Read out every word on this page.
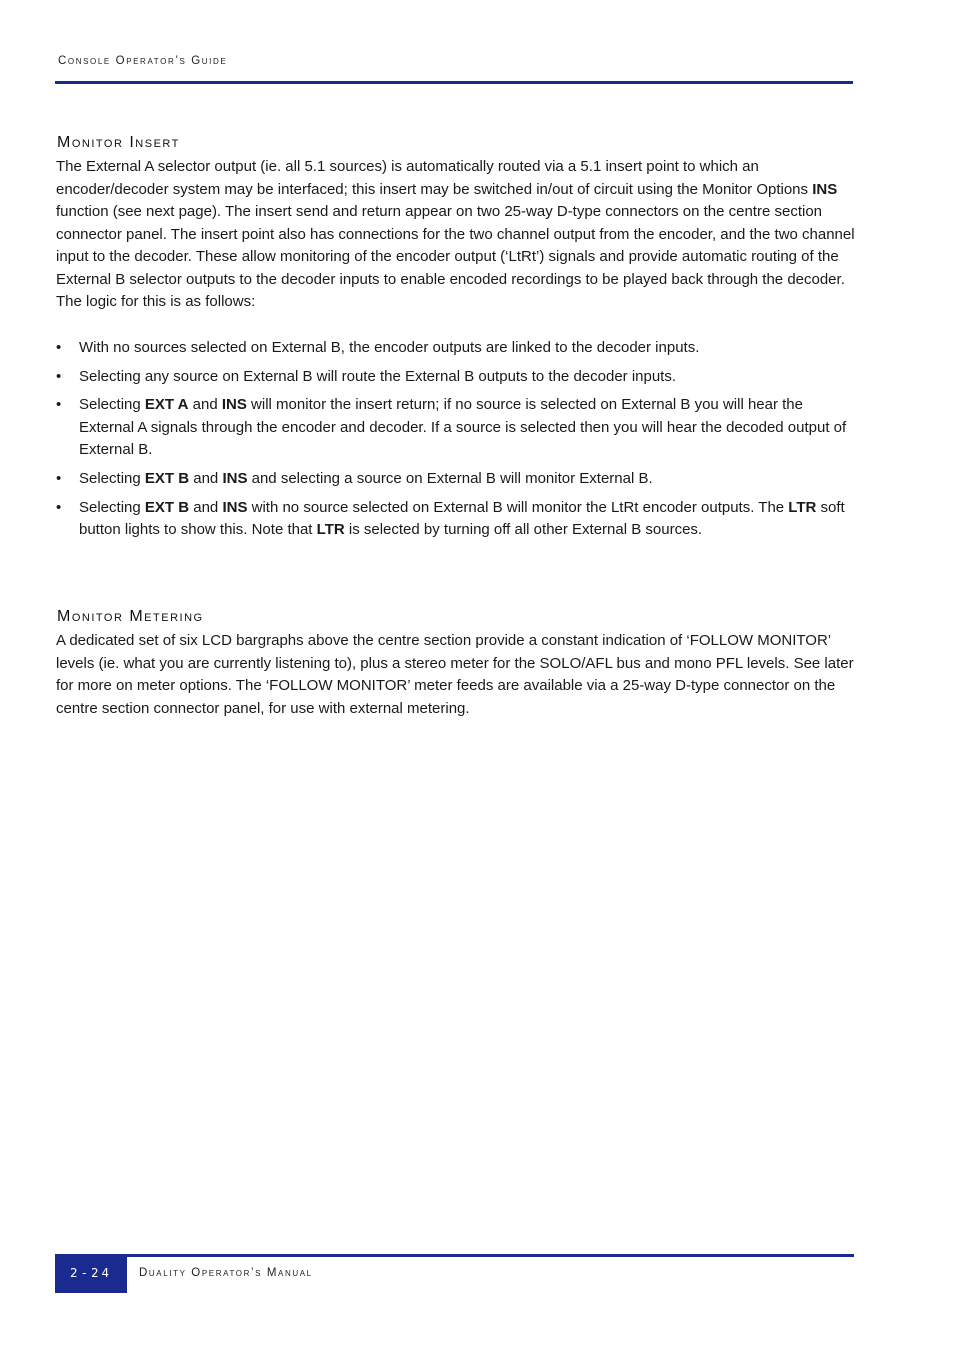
Console Operator’s Guide
Monitor Insert

The External A selector output (ie. all 5.1 sources) is automatically routed via a 5.1 insert point to which an encoder/decoder system may be interfaced; this insert may be switched in/out of circuit using the Monitor Options INS function (see next page). The insert send and return appear on two 25-way D-type connectors on the centre section connector panel. The insert point also has connections for the two channel output from the encoder, and the two channel input to the decoder. These allow monitoring of the encoder output (‘LtRt’) signals and provide automatic routing of the External B selector outputs to the decoder inputs to enable encoded recordings to be played back through the decoder. The logic for this is as follows:

• With no sources selected on External B, the encoder outputs are linked to the decoder inputs.
• Selecting any source on External B will route the External B outputs to the decoder inputs.
• Selecting EXT A and INS will monitor the insert return; if no source is selected on External B you will hear the External A signals through the encoder and decoder. If a source is selected then you will hear the decoded output of External B.
• Selecting EXT B and INS and selecting a source on External B will monitor External B.
• Selecting EXT B and INS with no source selected on External B will monitor the LtRt encoder outputs. The LTR soft button lights to show this. Note that LTR is selected by turning off all other External B sources.
Monitor Metering

A dedicated set of six LCD bargraphs above the centre section provide a constant indication of ‘FOLLOW MONITOR’ levels (ie. what you are currently listening to), plus a stereo meter for the SOLO/AFL bus and mono PFL levels. See later for more on meter options. The ‘FOLLOW MONITOR’ meter feeds are available via a 25-way D-type connector on the centre section connector panel, for use with external metering.

2-24	Duality Operator’s Manual
